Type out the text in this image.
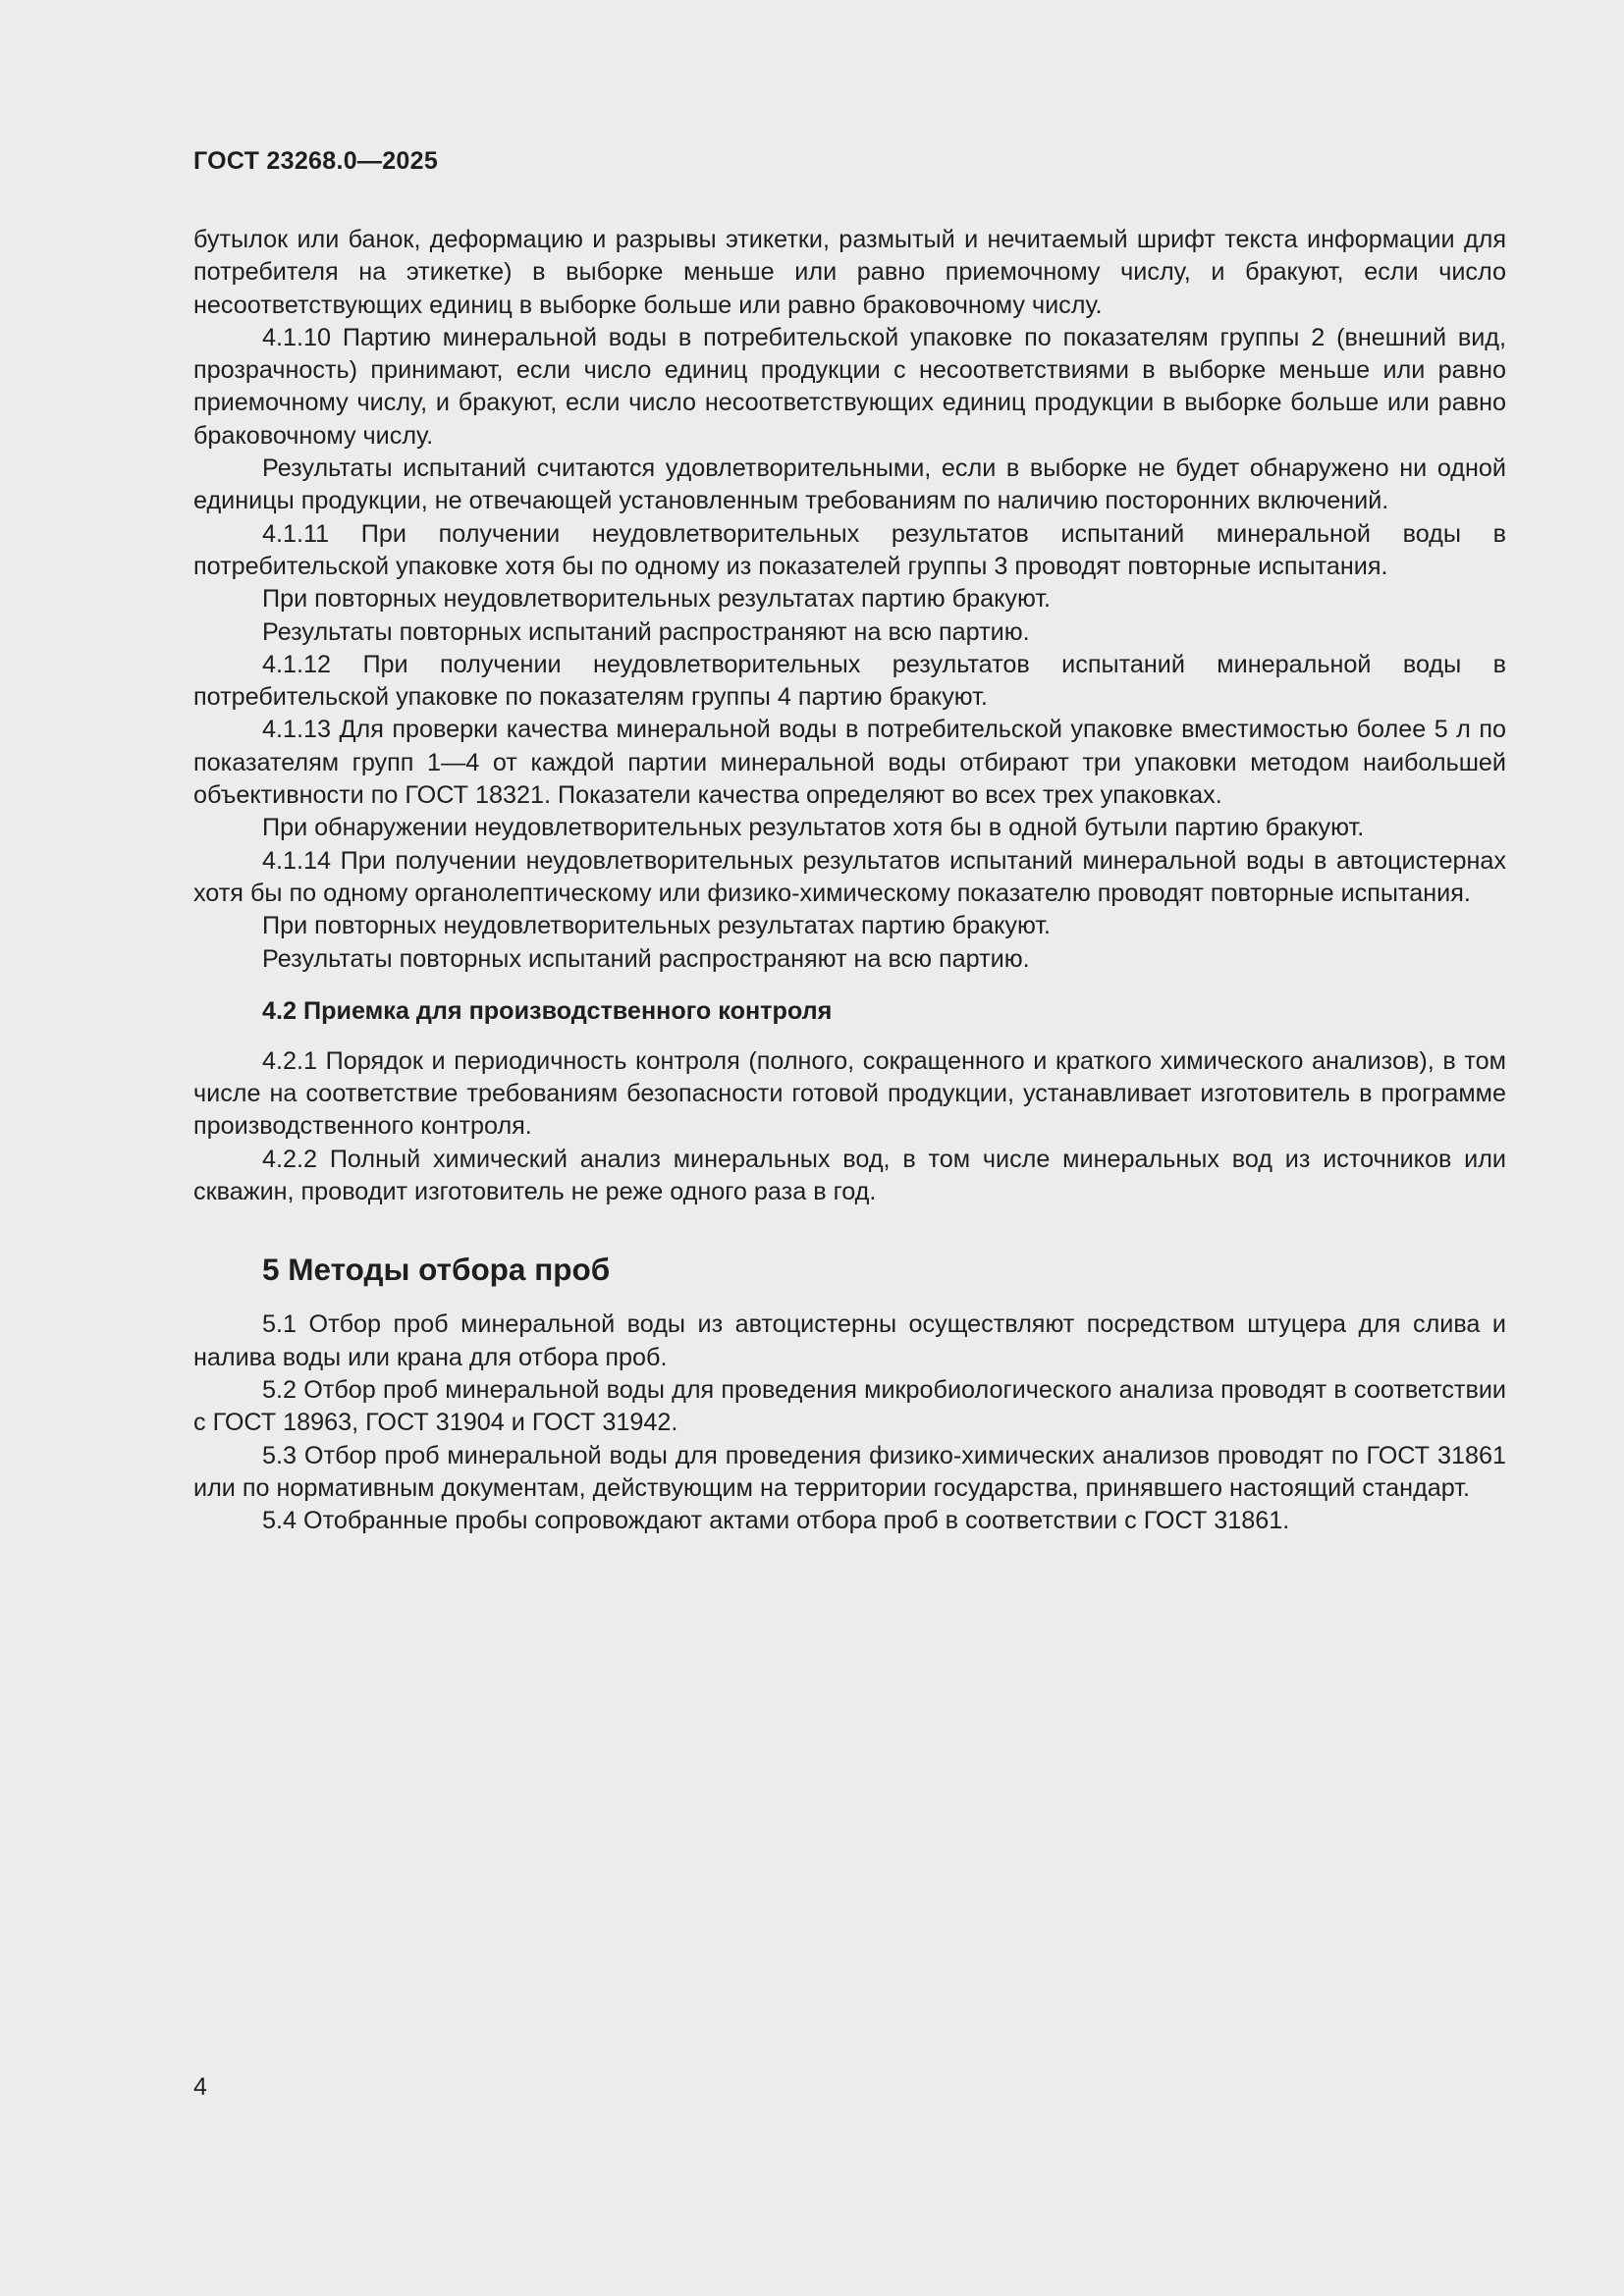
ГОСТ 23268.0—2025

бутылок или банок, деформацию и разрывы этикетки, размытый и нечитаемый шрифт текста информации для потребителя на этикетке) в выборке меньше или равно приемочному числу, и бракуют, если число несоответствующих единиц в выборке больше или равно браковочному числу.

4.1.10 Партию минеральной воды в потребительской упаковке по показателям группы 2 (внешний вид, прозрачность) принимают, если число единиц продукции с несоответствиями в выборке меньше или равно приемочному числу, и бракуют, если число несоответствующих единиц продукции в выборке больше или равно браковочному числу.

Результаты испытаний считаются удовлетворительными, если в выборке не будет обнаружено ни одной единицы продукции, не отвечающей установленным требованиям по наличию посторонних включений.

4.1.11 При получении неудовлетворительных результатов испытаний минеральной воды в потребительской упаковке хотя бы по одному из показателей группы 3 проводят повторные испытания.

При повторных неудовлетворительных результатах партию бракуют.

Результаты повторных испытаний распространяют на всю партию.

4.1.12 При получении неудовлетворительных результатов испытаний минеральной воды в потребительской упаковке по показателям группы 4 партию бракуют.

4.1.13 Для проверки качества минеральной воды в потребительской упаковке вместимостью более 5 л по показателям групп 1—4 от каждой партии минеральной воды отбирают три упаковки методом наибольшей объективности по ГОСТ 18321. Показатели качества определяют во всех трех упаковках.

При обнаружении неудовлетворительных результатов хотя бы в одной бутыли партию бракуют.

4.1.14 При получении неудовлетворительных результатов испытаний минеральной воды в автоцистернах хотя бы по одному органолептическому или физико-химическому показателю проводят повторные испытания.

При повторных неудовлетворительных результатах партию бракуют.

Результаты повторных испытаний распространяют на всю партию.

4.2 Приемка для производственного контроля

4.2.1 Порядок и периодичность контроля (полного, сокращенного и краткого химического анализов), в том числе на соответствие требованиям безопасности готовой продукции, устанавливает изготовитель в программе производственного контроля.

4.2.2 Полный химический анализ минеральных вод, в том числе минеральных вод из источников или скважин, проводит изготовитель не реже одного раза в год.

5 Методы отбора проб

5.1 Отбор проб минеральной воды из автоцистерны осуществляют посредством штуцера для слива и налива воды или крана для отбора проб.

5.2 Отбор проб минеральной воды для проведения микробиологического анализа проводят в соответствии с ГОСТ 18963, ГОСТ 31904 и ГОСТ 31942.

5.3 Отбор проб минеральной воды для проведения физико-химических анализов проводят по ГОСТ 31861 или по нормативным документам, действующим на территории государства, принявшего настоящий стандарт.

5.4 Отобранные пробы сопровождают актами отбора проб в соответствии с ГОСТ 31861.

4
